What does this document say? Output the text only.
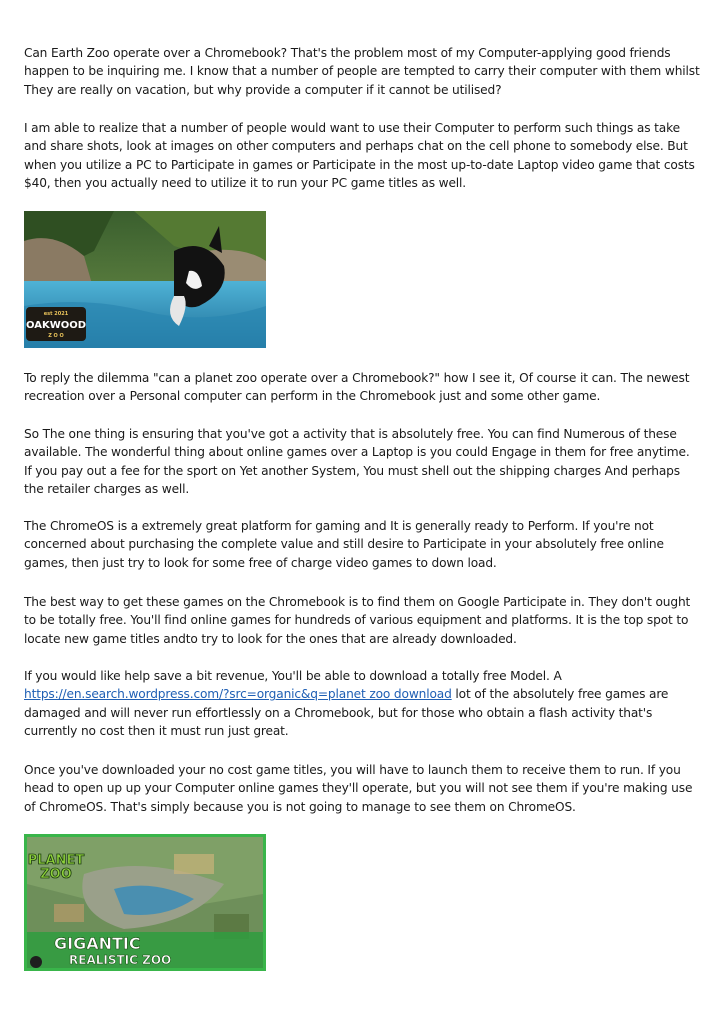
Can Earth Zoo operate over a Chromebook? That's the problem most of my Computer-applying good friends happen to be inquiring me. I know that a number of people are tempted to carry their computer with them whilst They are really on vacation, but why provide a computer if it cannot be utilised?

I am able to realize that a number of people would want to use their Computer to perform such things as take and share shots, look at images on other computers and perhaps chat on the cell phone to somebody else. But when you utilize a PC to Participate in games or Participate in the most up-to-date Laptop video game that costs $40, then you actually need to utilize it to run your PC game titles as well.

est 2021
OAKWOOD
Z O O

To reply the dilemma "can a planet zoo operate over a Chromebook?" how I see it, Of course it can. The newest recreation over a Personal computer can perform in the Chromebook just and some other game.

So The one thing is ensuring that you've got a activity that is absolutely free. You can find Numerous of these available. The wonderful thing about online games over a Laptop is you could Engage in them for free anytime. If you pay out a fee for the sport on Yet another System, You must shell out the shipping charges And perhaps the retailer charges as well.

The ChromeOS is a extremely great platform for gaming and It is generally ready to Perform. If you're not concerned about purchasing the complete value and still desire to Participate in your absolutely free online games, then just try to look for some free of charge video games to down load.

The best way to get these games on the Chromebook is to find them on Google Participate in. They don't ought to be totally free. You'll find online games for hundreds of various equipment and platforms. It is the top spot to locate new game titles andto try to look for the ones that are already downloaded.

If you would like help save a bit revenue, You'll be able to download a totally free Model. A https://en.search.wordpress.com/?src=organic&q=planet zoo download lot of the absolutely free games are damaged and will never run effortlessly on a Chromebook, but for those who obtain a flash activity that's currently no cost then it must run just great.

Once you've downloaded your no cost game titles, you will have to launch them to receive them to run. If you head to open up up your Computer online games they'll operate, but you will not see them if you're making use of ChromeOS. That's simply because you is not going to manage to see them on ChromeOS.

PLANET
ZOO
GIGANTIC
REALISTIC ZOO
